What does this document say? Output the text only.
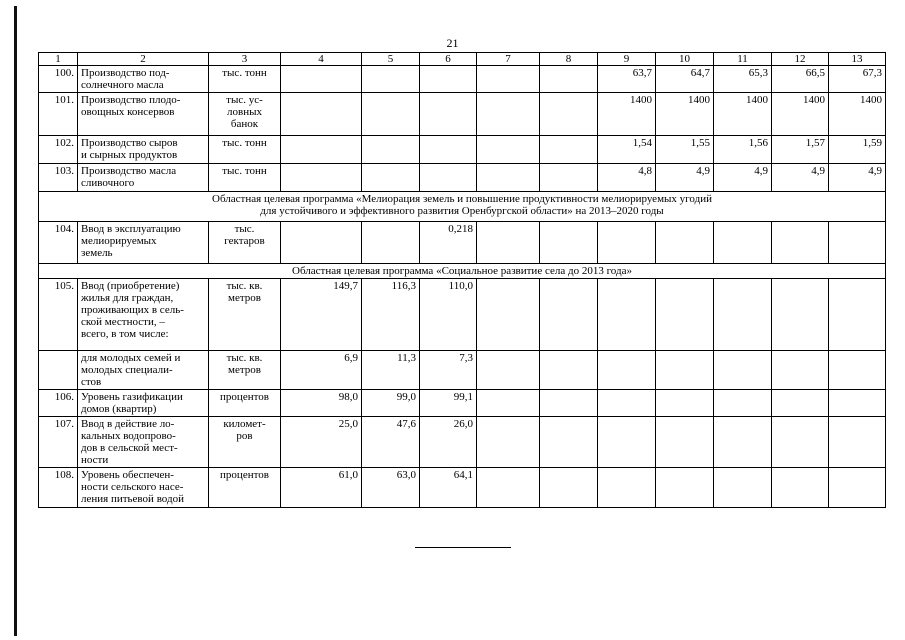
21
1	2	3	4	5	6	7	8	9	10	11	12	13
100.	Производство под-
солнечного масла	тыс. тонн						63,7	64,7	65,3	66,5	67,3
101.	Производство плодо-
овощных консервов	тыс. ус-
ловных
банок						1400	1400	1400	1400	1400
102.	Производство сыров
и сырных продуктов	тыс. тонн						1,54	1,55	1,56	1,57	1,59
103.	Производство масла
сливочного	тыс. тонн						4,8	4,9	4,9	4,9	4,9
Областная целевая программа «Мелиорация земель и повышение продуктивности мелиорируемых угодий
для устойчивого и эффективного развития Оренбургской области» на 2013–2020 годы												
104.	Ввод в эксплуатацию
мелиорируемых
земель	тыс.
гектаров			0,218							
Областная целевая программа «Социальное развитие села до 2013 года»												
105.	Ввод (приобретение)
жилья для граждан,
проживающих в сель-
ской местности, –
всего, в том числе:	тыс. кв.
метров	149,7	116,3	110,0							
	для молодых семей и
молодых специали-
стов	тыс. кв.
метров	6,9	11,3	7,3							
106.	Уровень газификации
домов (квартир)	процентов	98,0	99,0	99,1							
107.	Ввод в действие ло-
кальных водопрово-
дов в сельской мест-
ности	километ-
ров	25,0	47,6	26,0							
108.	Уровень обеспечен-
ности сельского насе-
ления питьевой водой	процентов	61,0	63,0	64,1							
